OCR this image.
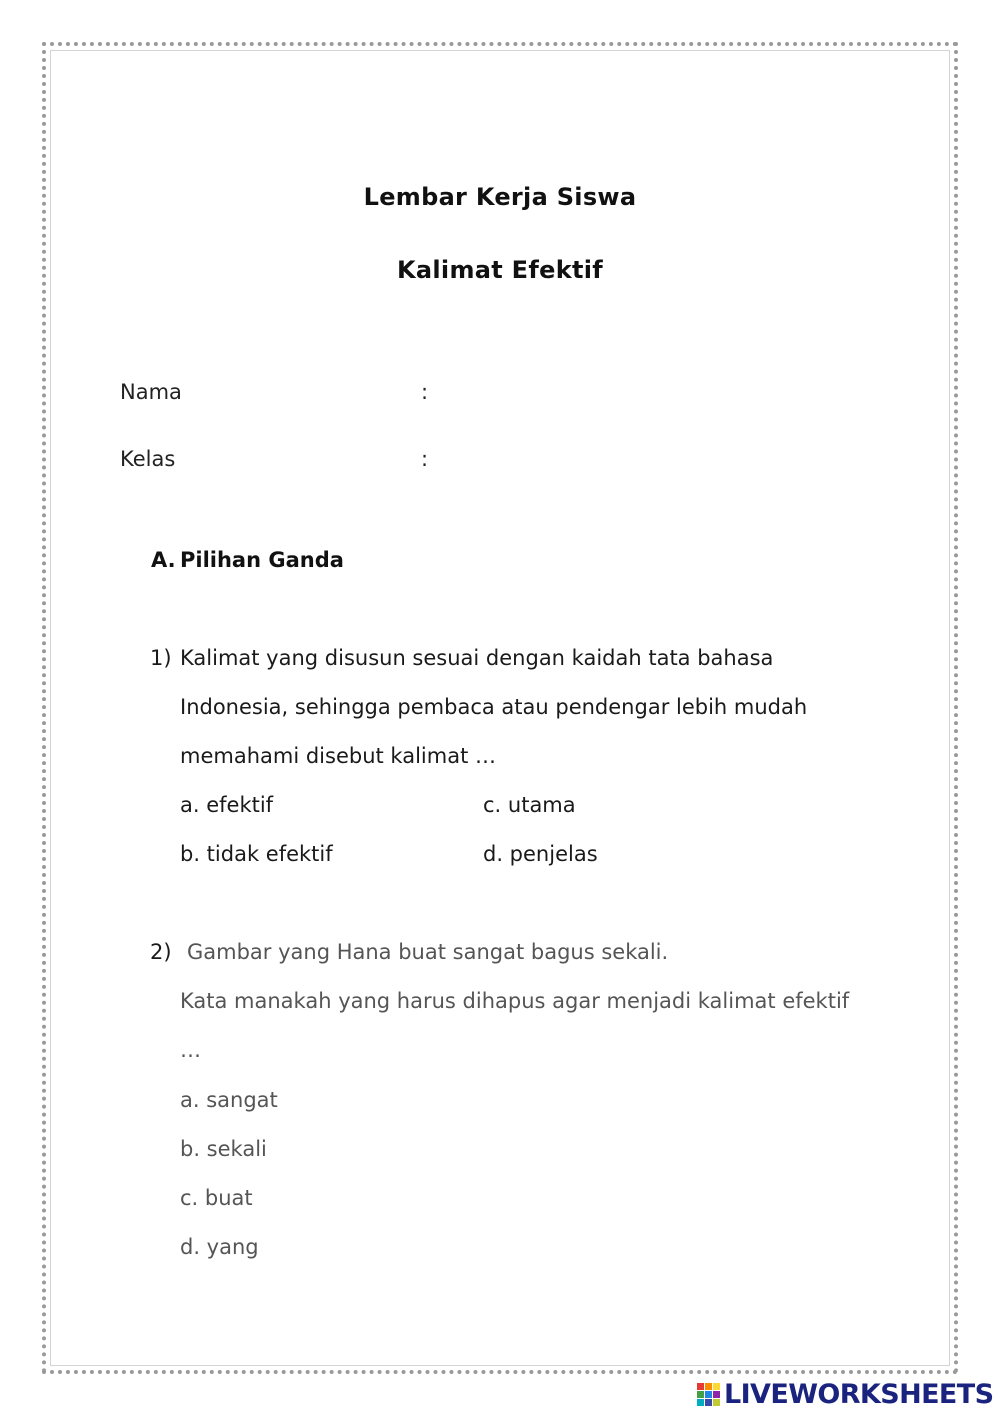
Lembar Kerja Siswa
Kalimat Efektif
Nama	:
Kelas	:
A. Pilihan Ganda
1) Kalimat yang disusun sesuai dengan kaidah tata bahasa
Indonesia, sehingga pembaca atau pendengar lebih mudah
memahami disebut kalimat …
a. efektif
b. tidak efektif
c. utama
d. penjelas
2) Gambar yang Hana buat sangat bagus sekali.
Kata manakah yang harus dihapus agar menjadi kalimat efektif
…
a. sangat
b. sekali
c. buat
d. yang
LIVEWORKSHEETS
